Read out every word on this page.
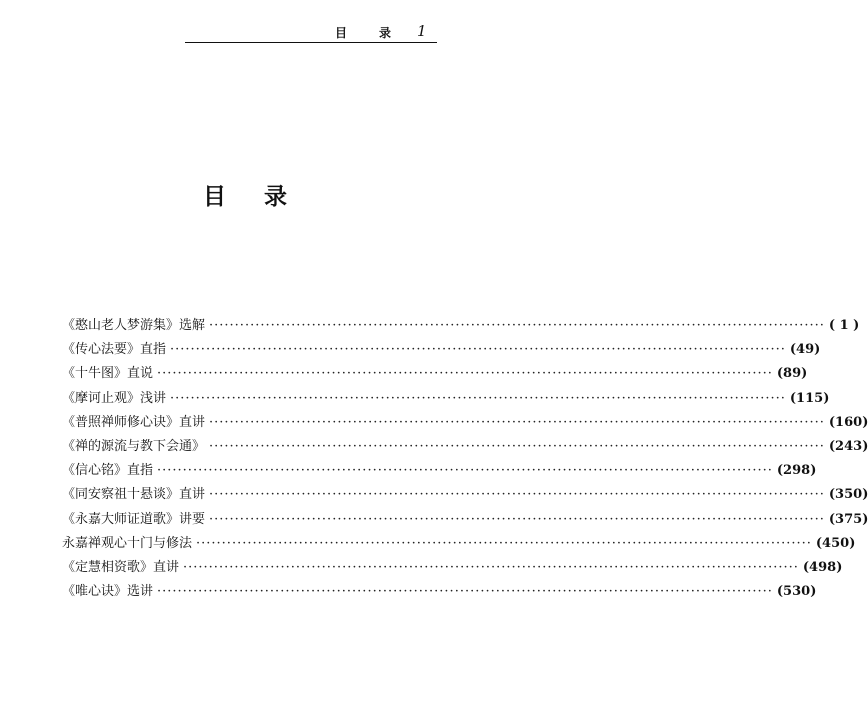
目	录 1
目 录
《憨山老人梦游集》选解 ························································································································ ( 1 )
《传心法要》直指 ························································································································ (49)
《十牛图》直说 ························································································································ (89)
《摩诃止观》浅讲 ························································································································ (115)
《普照禅师修心诀》直讲 ························································································································ (160)
《禅的源流与教下会通》 ························································································································ (243)
《信心铭》直指 ························································································································ (298)
《同安察祖十悬谈》直讲 ························································································································ (350)
《永嘉大师证道歌》讲要 ························································································································ (375)
永嘉禅观心十门与修法 ························································································································ (450)
《定慧相资歌》直讲 ························································································································ (498)
《唯心诀》选讲 ························································································································ (530)
